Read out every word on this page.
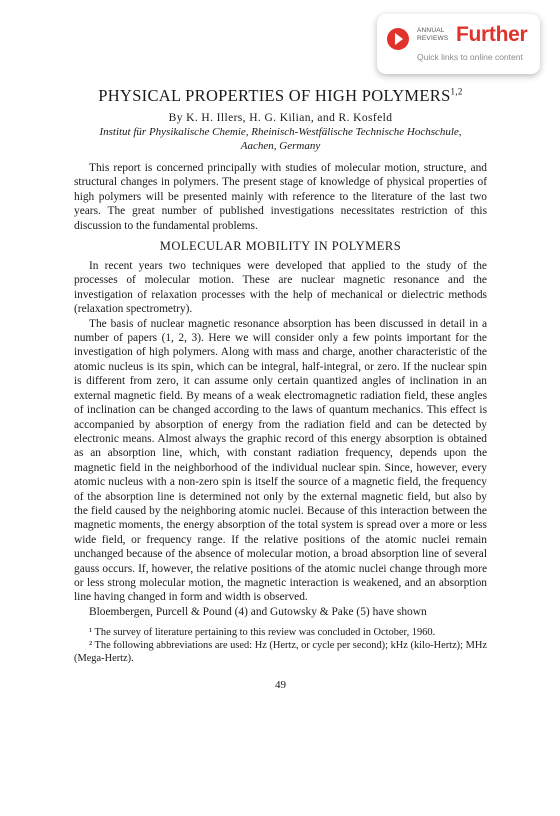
ANNUAL
REVIEWS Further
Quick links to online content
PHYSICAL PROPERTIES OF HIGH POLYMERS$^{1,2}$
By K. H. Illers, H. G. Kilian, and R. Kosfeld
Institut für Physikalische Chemie, Rheinisch-Westfälische Technische Hochschule,
Aachen, Germany

This report is concerned principally with studies of molecular motion, structure, and structural changes in polymers. The present stage of knowledge of physical properties of high polymers will be presented mainly with reference to the literature of the last two years. The great number of published investigations necessitates restriction of this discussion to the fundamental problems.

MOLECULAR MOBILITY IN POLYMERS

In recent years two techniques were developed that applied to the study of the processes of molecular motion. These are nuclear magnetic resonance and the investigation of relaxation processes with the help of mechanical or dielectric methods (relaxation spectrometry).

The basis of nuclear magnetic resonance absorption has been discussed in detail in a number of papers (1, 2, 3). Here we will consider only a few points important for the investigation of high polymers. Along with mass and charge, another characteristic of the atomic nucleus is its spin, which can be integral, half-integral, or zero. If the nuclear spin is different from zero, it can assume only certain quantized angles of inclination in an external magnetic field. By means of a weak electromagnetic radiation field, these angles of inclination can be changed according to the laws of quantum mechanics. This effect is accompanied by absorption of energy from the radiation field and can be detected by electronic means. Almost always the graphic record of this energy absorption is obtained as an absorption line, which, with constant radiation frequency, depends upon the magnetic field in the neighborhood of the individual nuclear spin. Since, however, every atomic nucleus with a non-zero spin is itself the source of a magnetic field, the frequency of the absorption line is determined not only by the external magnetic field, but also by the field caused by the neighboring atomic nuclei. Because of this interaction between the magnetic moments, the energy absorption of the total system is spread over a more or less wide field, or frequency range. If the relative positions of the atomic nuclei remain unchanged because of the absence of molecular motion, a broad absorption line of several gauss occurs. If, however, the relative positions of the atomic nuclei change through more or less strong molecular motion, the magnetic interaction is weakened, and an absorption line having changed in form and width is observed.

Bloembergen, Purcell & Pound (4) and Gutowsky & Pake (5) have shown

¹ The survey of literature pertaining to this review was concluded in October, 1960.

² The following abbreviations are used: Hz (Hertz, or cycle per second); kHz (kilo-Hertz); MHz (Mega-Hertz).

49
